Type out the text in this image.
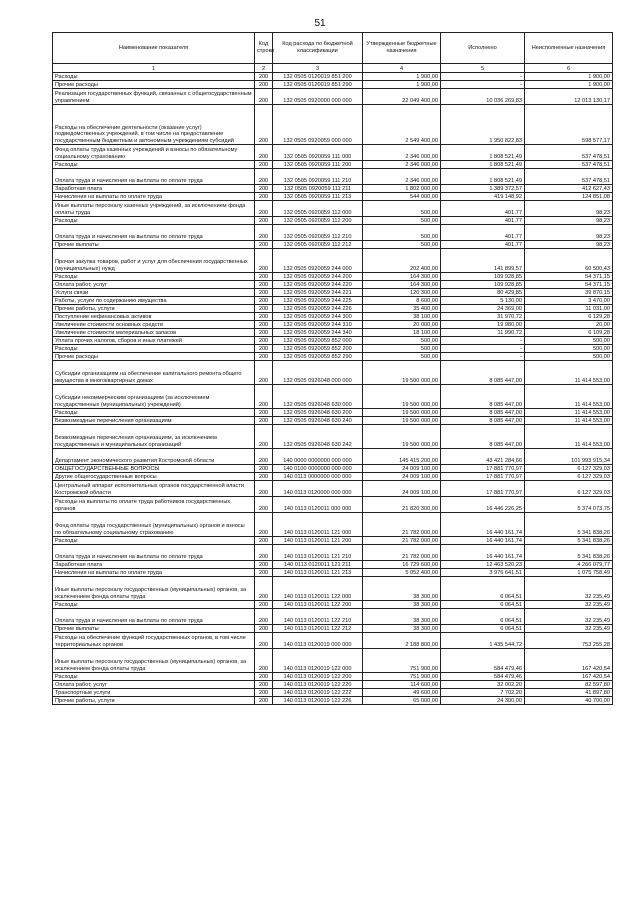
51
Наименование показателя	Код строки	Код расхода по бюджетной классификации	Утвержденные бюджетные назначения	Исполнено	Неисполненные назначения
1	2	3	4	5	6
Расходы	200	132 0505 0120019 851 200	1 900,00	-	1 900,00
Прочие расходы	200	132 0505 0120019 851 290	1 900,00	-	1 900,00
Реализация государственных функций, связанных с общегосударственным управлением	200	132 0505 0920000 000 000	22 049 400,00	10 036 269,83	12 013 130,17
Расходы на обеспечение деятельности (оказание услуг) подведомственных учреждений, в том числе на предоставление государственным бюджетным и автономным учреждениям субсидий	200	132 0505 0920059 000 000	2 549 400,00	1 950 822,83	598 577,17
Фонд оплаты труда казенных учреждений и взносы по обязательному социальному страхованию	200	132 0505 0920059 111 000	2 346 000,00	1 808 521,49	537 478,51
Расходы	200	132 0505 0920059 111 200	2 346 000,00	1 808 521,49	537 478,51
Оплата труда и начисления на выплаты по оплате труда	200	132 0505 0920059 111 210	2 346 000,00	1 808 521,49	537 478,51
Заработная плата	200	132 0505 0920059 111 211	1 802 000,00	1 389 372,57	412 627,43
Начисления на выплаты по оплате труда	200	132 0505 0920059 111 213	544 000,00	419 148,92	124 851,08
Иные выплаты персоналу казенных учреждений, за исключением фонда оплаты труда	200	132 0505 0920059 112 000	500,00	401,77	98,23
Расходы	200	132 0505 0920059 112 200	500,00	401,77	98,23
Оплата труда и начисления на выплаты по оплате труда	200	132 0505 0920059 112 210	500,00	401,77	98,23
Прочие выплаты	200	132 0505 0920059 112 212	500,00	401,77	98,23
Прочая закупка товаров, работ и услуг для обеспечения государственных (муниципальных) нужд	200	132 0505 0920059 244 000	202 400,00	141 899,57	60 500,43
Расходы	200	132 0505 0920059 244 200	164 300,00	109 928,85	54 371,15
Оплата работ, услуг	200	132 0505 0920059 244 220	164 300,00	109 928,85	54 371,15
Услуги связи	200	132 0505 0920059 244 221	120 300,00	80 429,85	39 870,15
Работы, услуги по содержанию имущества	200	132 0505 0920059 244 225	8 600,00	5 130,00	3 470,00
Прочие работы, услуги	200	132 0505 0920059 244 226	35 400,00	24 369,00	11 031,00
Поступление нефинансовых активов	200	132 0505 0920059 244 300	38 100,00	31 970,72	6 129,28
Увеличение стоимости основных средств	200	132 0505 0920059 244 310	20 000,00	19 980,00	20,00
Увеличение стоимости материальных запасов	200	132 0505 0920059 244 340	18 100,00	11 990,72	6 109,28
Уплата прочих налогов, сборов и иных платежей	200	132 0505 0920059 852 000	500,00	-	500,00
Расходы	200	132 0505 0920059 852 200	500,00	-	500,00
Прочие расходы	200	132 0505 0920059 852 290	500,00	-	500,00
Субсидии организациям на обеспечение капитального ремонта общего имущества в многоквартирных домах	200	132 0505 0926048 000 000	19 500 000,00	8 085 447,00	11 414 553,00
Субсидии некоммерческим организациям (за исключением государственных (муниципальных) учреждений)	200	132 0505 0926048 630 000	19 500 000,00	8 085 447,00	11 414 553,00
Расходы	200	132 0505 0926048 630 200	19 500 000,00	8 085 447,00	11 414 553,00
Безвозмездные перечисления организациям	200	132 0505 0926048 630 240	19 500 000,00	8 085 447,00	11 414 553,00
Безвозмездные перечисления организациям, за исключением государственных и муниципальных организаций	200	132 0505 0926048 630 242	19 500 000,00	8 085 447,00	11 414 553,00
Департамент экономического развития Костромской области	200	140 0000 0000000 000 000	145 415 200,00	43 421 284,66	101 993 915,34
ОБЩЕГОСУДАРСТВЕННЫЕ ВОПРОСЫ	200	140 0100 0000000 000 000	24 009 100,00	17 881 770,97	6 127 329,03
Другие общегосударственные вопросы	200	140 0113 0000000 000 000	24 009 100,00	17 881 770,97	6 127 329,03
Центральный аппарат исполнительных органов государственной власти Костромской области	200	140 0113 0120000 000 000	24 009 100,00	17 881 770,97	6 127 329,03
Расходы на выплаты по оплате труда работников государственных органов	200	140 0113 0120011 000 000	21 820 300,00	16 446 226,25	5 374 073,75
Фонд оплаты труда государственных (муниципальных) органов и взносы по обязательному социальному страхованию	200	140 0113 0120011 121 000	21 782 000,00	16 440 161,74	5 341 838,26
Расходы	200	140 0113 0120011 121 200	21 782 000,00	16 440 161,74	5 341 838,26
Оплата труда и начисления на выплаты по оплате труда	200	140 0113 0120011 121 210	21 782 000,00	16 440 161,74	5 341 838,26
Заработная плата	200	140 0113 0120011 121 211	16 729 600,00	12 463 520,23	4 266 079,77
Начисления на выплаты по оплате труда	200	140 0113 0120011 121 213	5 052 400,00	3 976 641,51	1 075 758,49
Иные выплаты персоналу государственных (муниципальных) органов, за исключением фонда оплаты труда	200	140 0113 0120011 122 000	38 300,00	6 064,51	32 235,49
Расходы	200	140 0113 0120011 122 200	38 300,00	6 064,51	32 235,49
Оплата труда и начисления на выплаты по оплате труда	200	140 0113 0120011 122 210	38 300,00	6 064,51	32 235,49
Прочие выплаты	200	140 0113 0120011 122 212	38 300,00	6 064,51	32 235,49
Расходы на обеспечение функций государственных органов, в том числе территориальных органов	200	140 0113 0120019 000 000	2 188 800,00	1 435 544,72	753 255,28
Иные выплаты персоналу государственных (муниципальных) органов, за исключением фонда оплаты труда	200	140 0113 0120019 122 000	751 900,00	584 479,46	167 420,54
Расходы	200	140 0113 0120019 122 200	751 900,00	584 479,46	167 420,54
Оплата работ, услуг	200	140 0113 0120019 122 220	114 600,00	32 002,20	82 597,80
Транспортные услуги	200	140 0113 0120019 122 222	49 600,00	7 702,20	41 897,80
Прочие работы, услуги	200	140 0113 0120019 122 226	65 000,00	24 300,00	40 700,00
